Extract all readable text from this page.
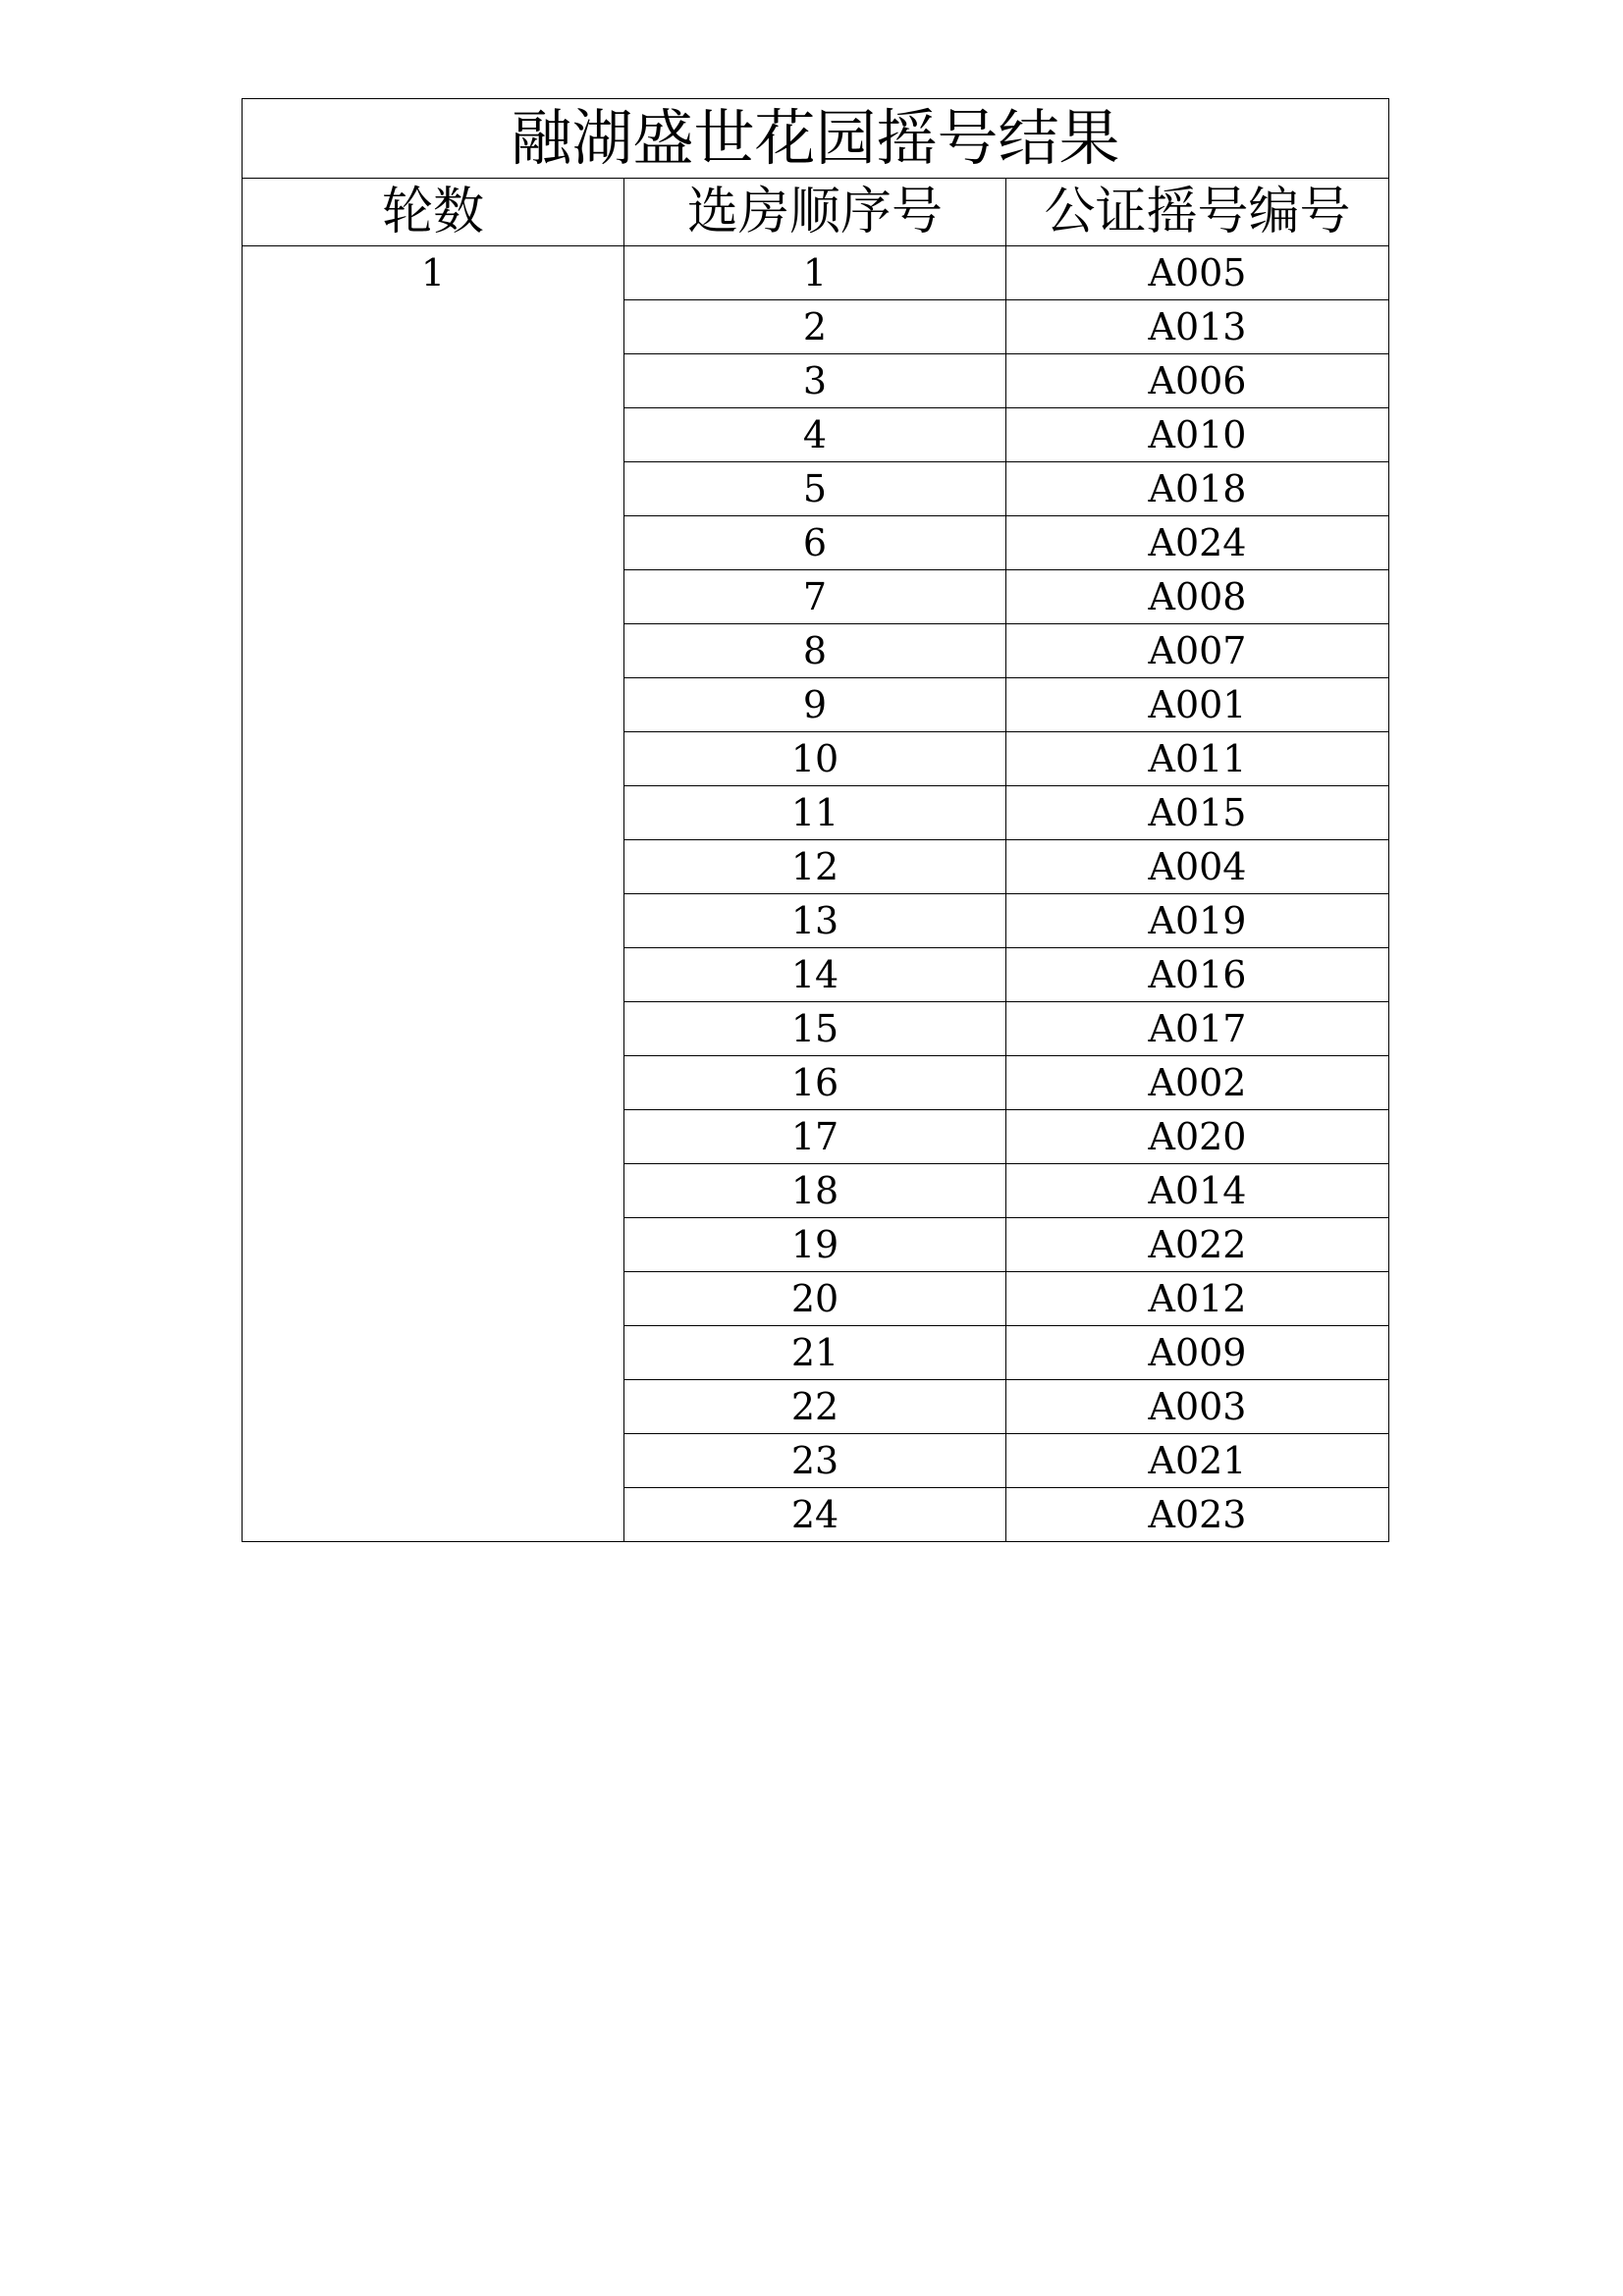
融湖盛世花园摇号结果		
轮数	选房顺序号	公证摇号编号
1	1	A005
	2	A013
	3	A006
	4	A010
	5	A018
	6	A024
	7	A008
	8	A007
	9	A001
	10	A011
	11	A015
	12	A004
	13	A019
	14	A016
	15	A017
	16	A002
	17	A020
	18	A014
	19	A022
	20	A012
	21	A009
	22	A003
	23	A021
	24	A023
